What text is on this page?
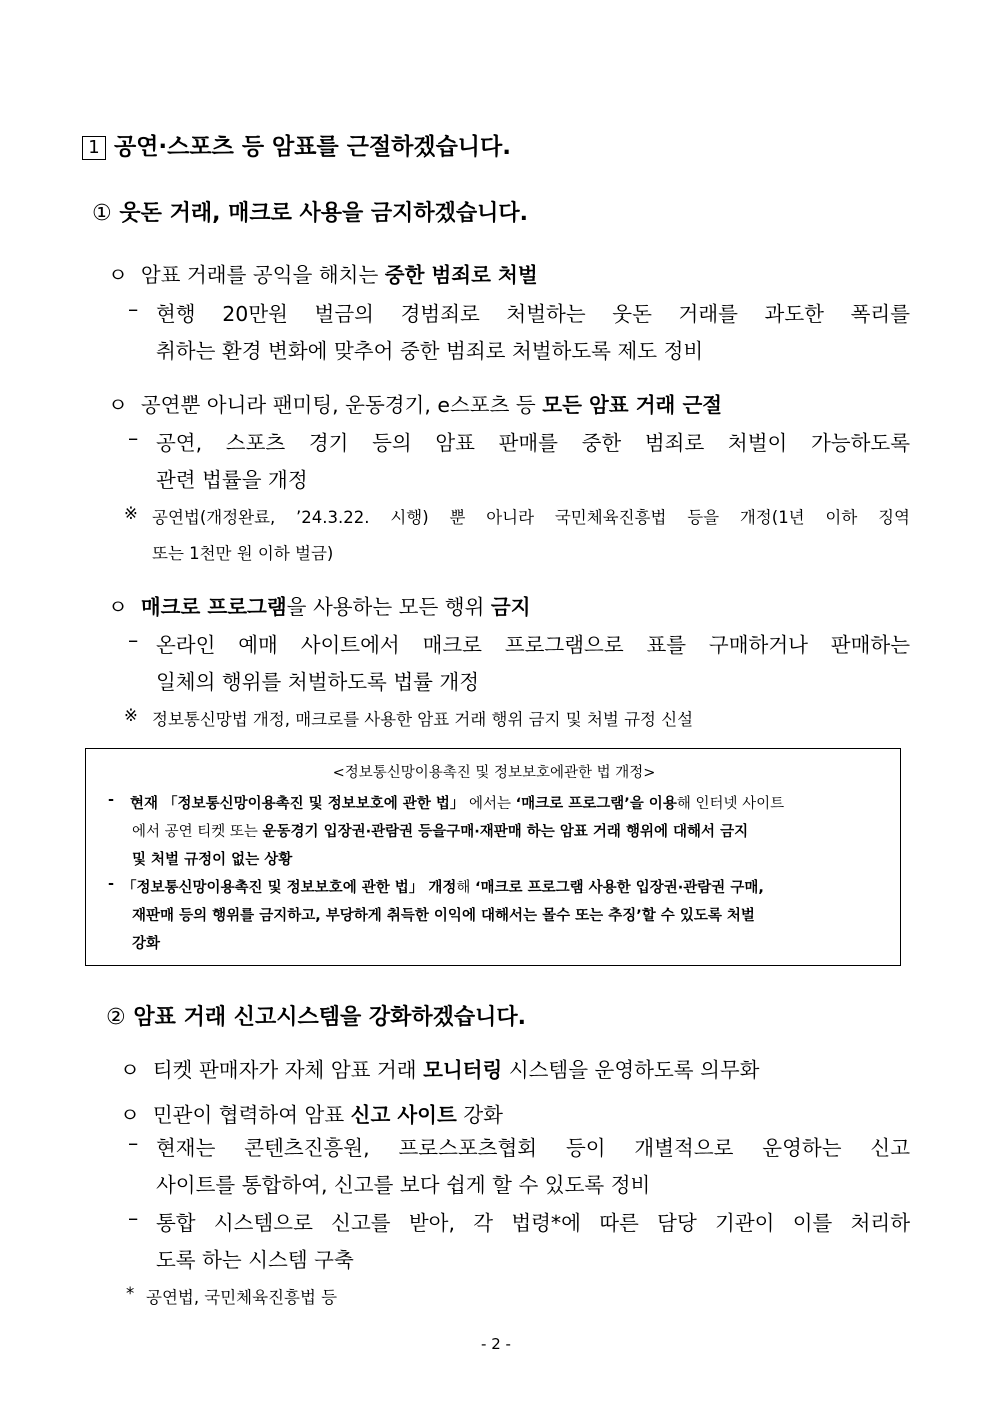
1 공연·스포츠 등 암표를 근절하겠습니다.
① 웃돈 거래, 매크로 사용을 금지하겠습니다.
ㅇ 암표 거래를 공익을 해치는 중한 범죄로 처벌
– 현행 20만원 벌금의 경범죄로 처벌하는 웃돈 거래를 과도한 폭리를
취하는 환경 변화에 맞추어 중한 범죄로 처벌하도록 제도 정비
ㅇ 공연뿐 아니라 팬미팅, 운동경기, e스포츠 등 모든 암표 거래 근절
– 공연, 스포츠 경기 등의 암표 판매를 중한 범죄로 처벌이 가능하도록
관련 법률을 개정
※ 공연법(개정완료, ’24.3.22. 시행) 뿐 아니라 국민체육진흥법 등을 개정(1년 이하 징역
또는 1천만 원 이하 벌금)
ㅇ 매크로 프로그램을 사용하는 모든 행위 금지
– 온라인 예매 사이트에서 매크로 프로그램으로 표를 구매하거나 판매하는
일체의 행위를 처벌하도록 법률 개정
※ 정보통신망법 개정, 매크로를 사용한 암표 거래 행위 금지 및 처벌 규정 신설
<정보통신망이용촉진 및 정보보호에관한 법 개정>
- 현재 「정보통신망이용촉진 및 정보보호에 관한 법」 에서는 ‘매크로 프로그램’을 이용해 인터넷 사이트
에서 공연 티켓 또는 운동경기 입장권·관람권 등을구매·재판매 하는 암표 거래 행위에 대해서 금지
및 처벌 규정이 없는 상황
- 「정보통신망이용촉진 및 정보보호에 관한 법」 개정해 ‘매크로 프로그램 사용한 입장권·관람권 구매,
재판매 등의 행위를 금지하고, 부당하게 취득한 이익에 대해서는 몰수 또는 추징’할 수 있도록 처벌
강화
② 암표 거래 신고시스템을 강화하겠습니다.
ㅇ 티켓 판매자가 자체 암표 거래 모니터링 시스템을 운영하도록 의무화
ㅇ 민관이 협력하여 암표 신고 사이트 강화
– 현재는 콘텐츠진흥원, 프로스포츠협회 등이 개별적으로 운영하는 신고
사이트를 통합하여, 신고를 보다 쉽게 할 수 있도록 정비
– 통합 시스템으로 신고를 받아, 각 법령*에 따른 담당 기관이 이를 처리하
도록 하는 시스템 구축
* 공연법, 국민체육진흥법 등
- 2 -
